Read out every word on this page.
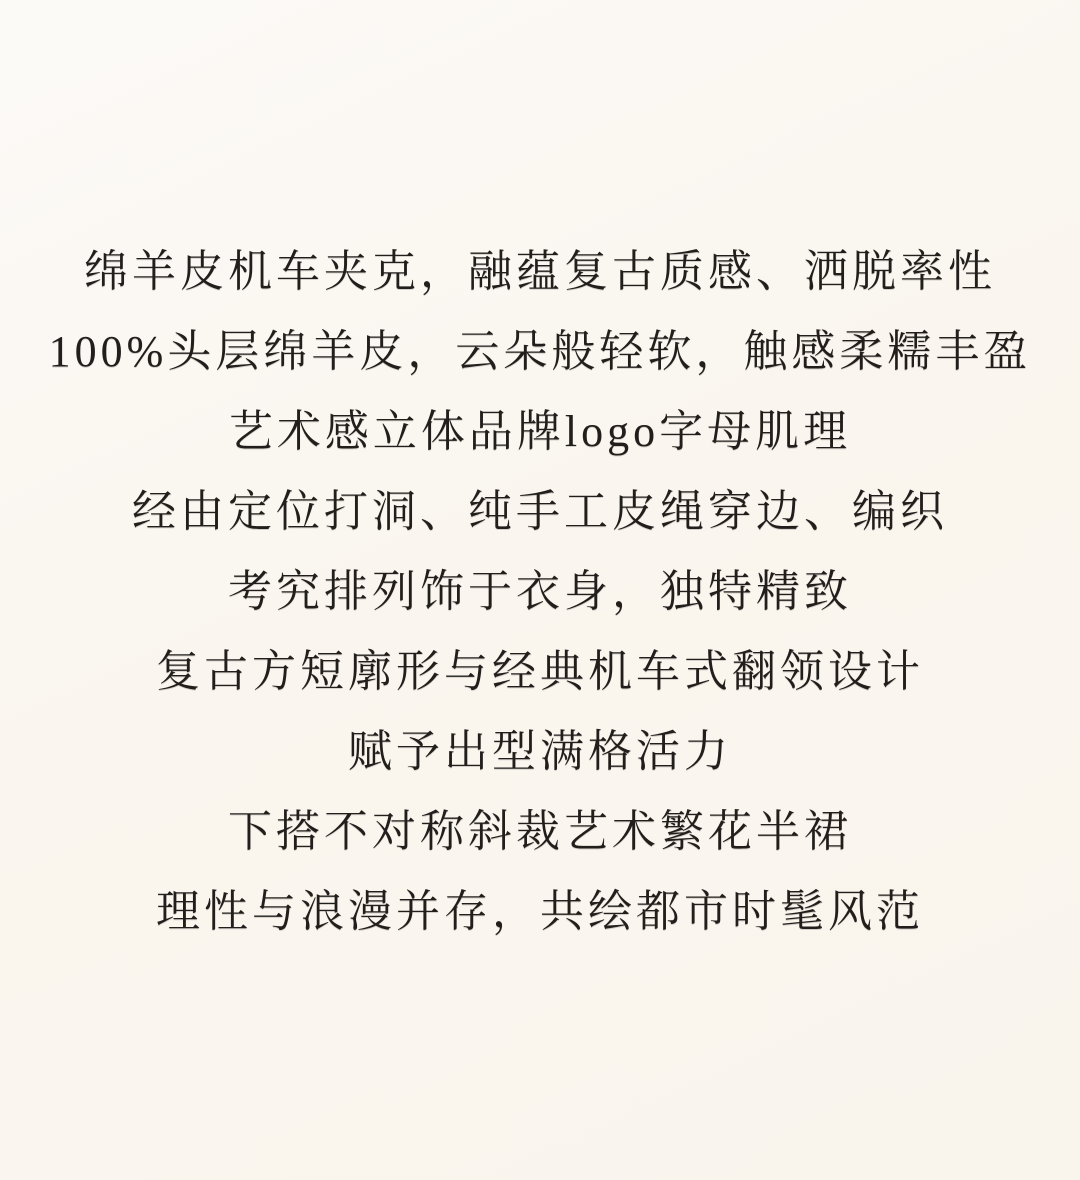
绵羊皮机车夹克，融蕴复古质感、洒脱率性

100%头层绵羊皮，云朵般轻软，触感柔糯丰盈

艺术感立体品牌logo字母肌理

经由定位打洞、纯手工皮绳穿边、编织

考究排列饰于衣身，独特精致

复古方短廓形与经典机车式翻领设计

赋予出型满格活力

下搭不对称斜裁艺术繁花半裙

理性与浪漫并存，共绘都市时髦风范
